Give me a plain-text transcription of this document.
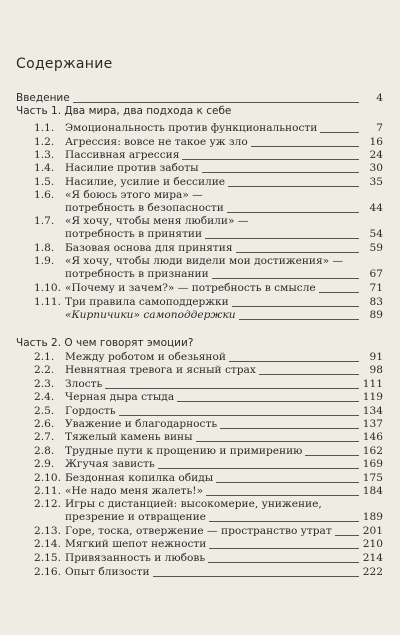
Содержание
Введение	4
Часть 1. Два мира, два подхода к себе
1.1. Эмоциональность против функциональности	7
1.2. Агрессия: вовсе не такое уж зло	16
1.3. Пассивная агрессия	24
1.4. Насилие против заботы	30
1.5. Насилие, усилие и бессилие	35
1.6. «Я боюсь этого мира» —
потребность в безопасности	44
1.7. «Я хочу, чтобы меня любили» —
потребность в принятии	54
1.8. Базовая основа для принятия	59
1.9. «Я хочу, чтобы люди видели мои достижения» —
потребность в признании	67
1.10. «Почему и зачем?» — потребность в смысле	71
1.11. Три правила самоподдержки	83
«Кирпичики» самоподдержки	89
Часть 2. О чем говорят эмоции?
2.1. Между роботом и обезьяной	91
2.2. Невнятная тревога и ясный страх	98
2.3. Злость	111
2.4. Черная дыра стыда	119
2.5. Гордость	134
2.6. Уважение и благодарность	137
2.7. Тяжелый камень вины	146
2.8. Трудные пути к прощению и примирению	162
2.9. Жгучая зависть	169
2.10. Бездонная копилка обиды	175
2.11. «Не надо меня жалеть!»	184
2.12. Игры с дистанцией: высокомерие, унижение,
презрение и отвращение	189
2.13. Горе, тоска, отвержение — пространство утрат	201
2.14. Мягкий шепот нежности	210
2.15. Привязанность и любовь	214
2.16. Опыт близости	222
